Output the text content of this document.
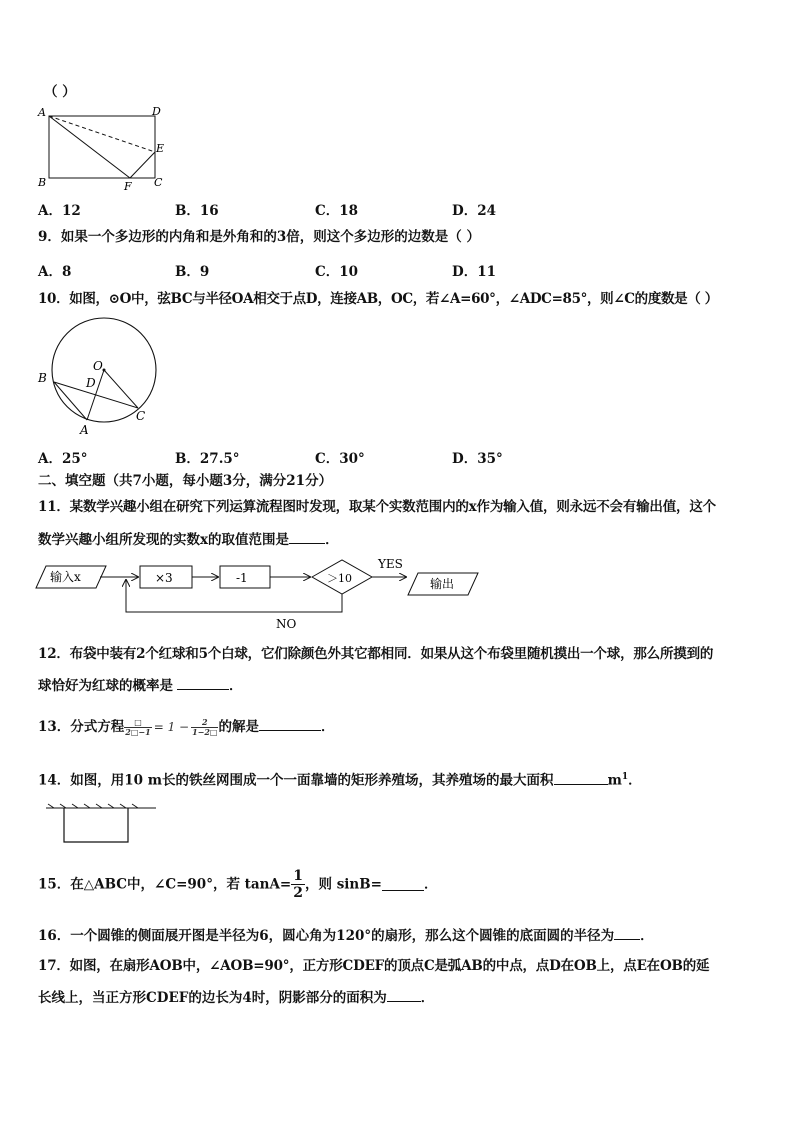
（ ）
A	D
E
B	F C
A．12	B．16	C．18	D．24
9．如果一个多边形的内角和是外角和的3倍，则这个多边形的边数是（ ）
A．8	B．9	C．10	D．11
10．如图，⊙O中，弦BC与半径OA相交于点D，连接AB，OC，若∠A=60°，∠ADC=85°，则∠C的度数是（ ）
O
D
B
C
A
A．25°	B．27.5°	C．30°	D．35°
二、填空题（共7小题，每小题3分，满分21分）
11．某数学兴趣小组在研究下列运算流程图时发现，取某个实数范围内的x作为输入值，则永远不会有输出值，这个
数学兴趣小组所发现的实数x的取值范围是	．
输入x	×3	-1	＞10
YES
输出
NO
12．布袋中装有2个红球和5个白球，它们除颜色外其它都相同．如果从这个布袋里随机摸出一个球，那么所摸到的
球恰好为红球的概率是	．
13．分式方程 $\frac{□}{2□-1} = 1 - \frac{2}{1-2□}$ 的解是	．
14．如图，用10 m长的铁丝网围成一个一面靠墙的矩形养殖场，其养殖场的最大面积	$m^1$．
15．在△ABC中，∠C=90°，若 $\tan A= \frac{1}{2}$ ，则 sinB=	．
16．一个圆锥的侧面展开图是半径为6，圆心角为120°的扇形，那么这个圆锥的底面圆的半径为 ．
17．如图，在扇形AOB中，∠AOB=90°，正方形CDEF的顶点C是弧AB的中点，点D在OB上，点E在OB的延
长线上，当正方形CDEF的边长为4时，阴影部分的面积为	．
